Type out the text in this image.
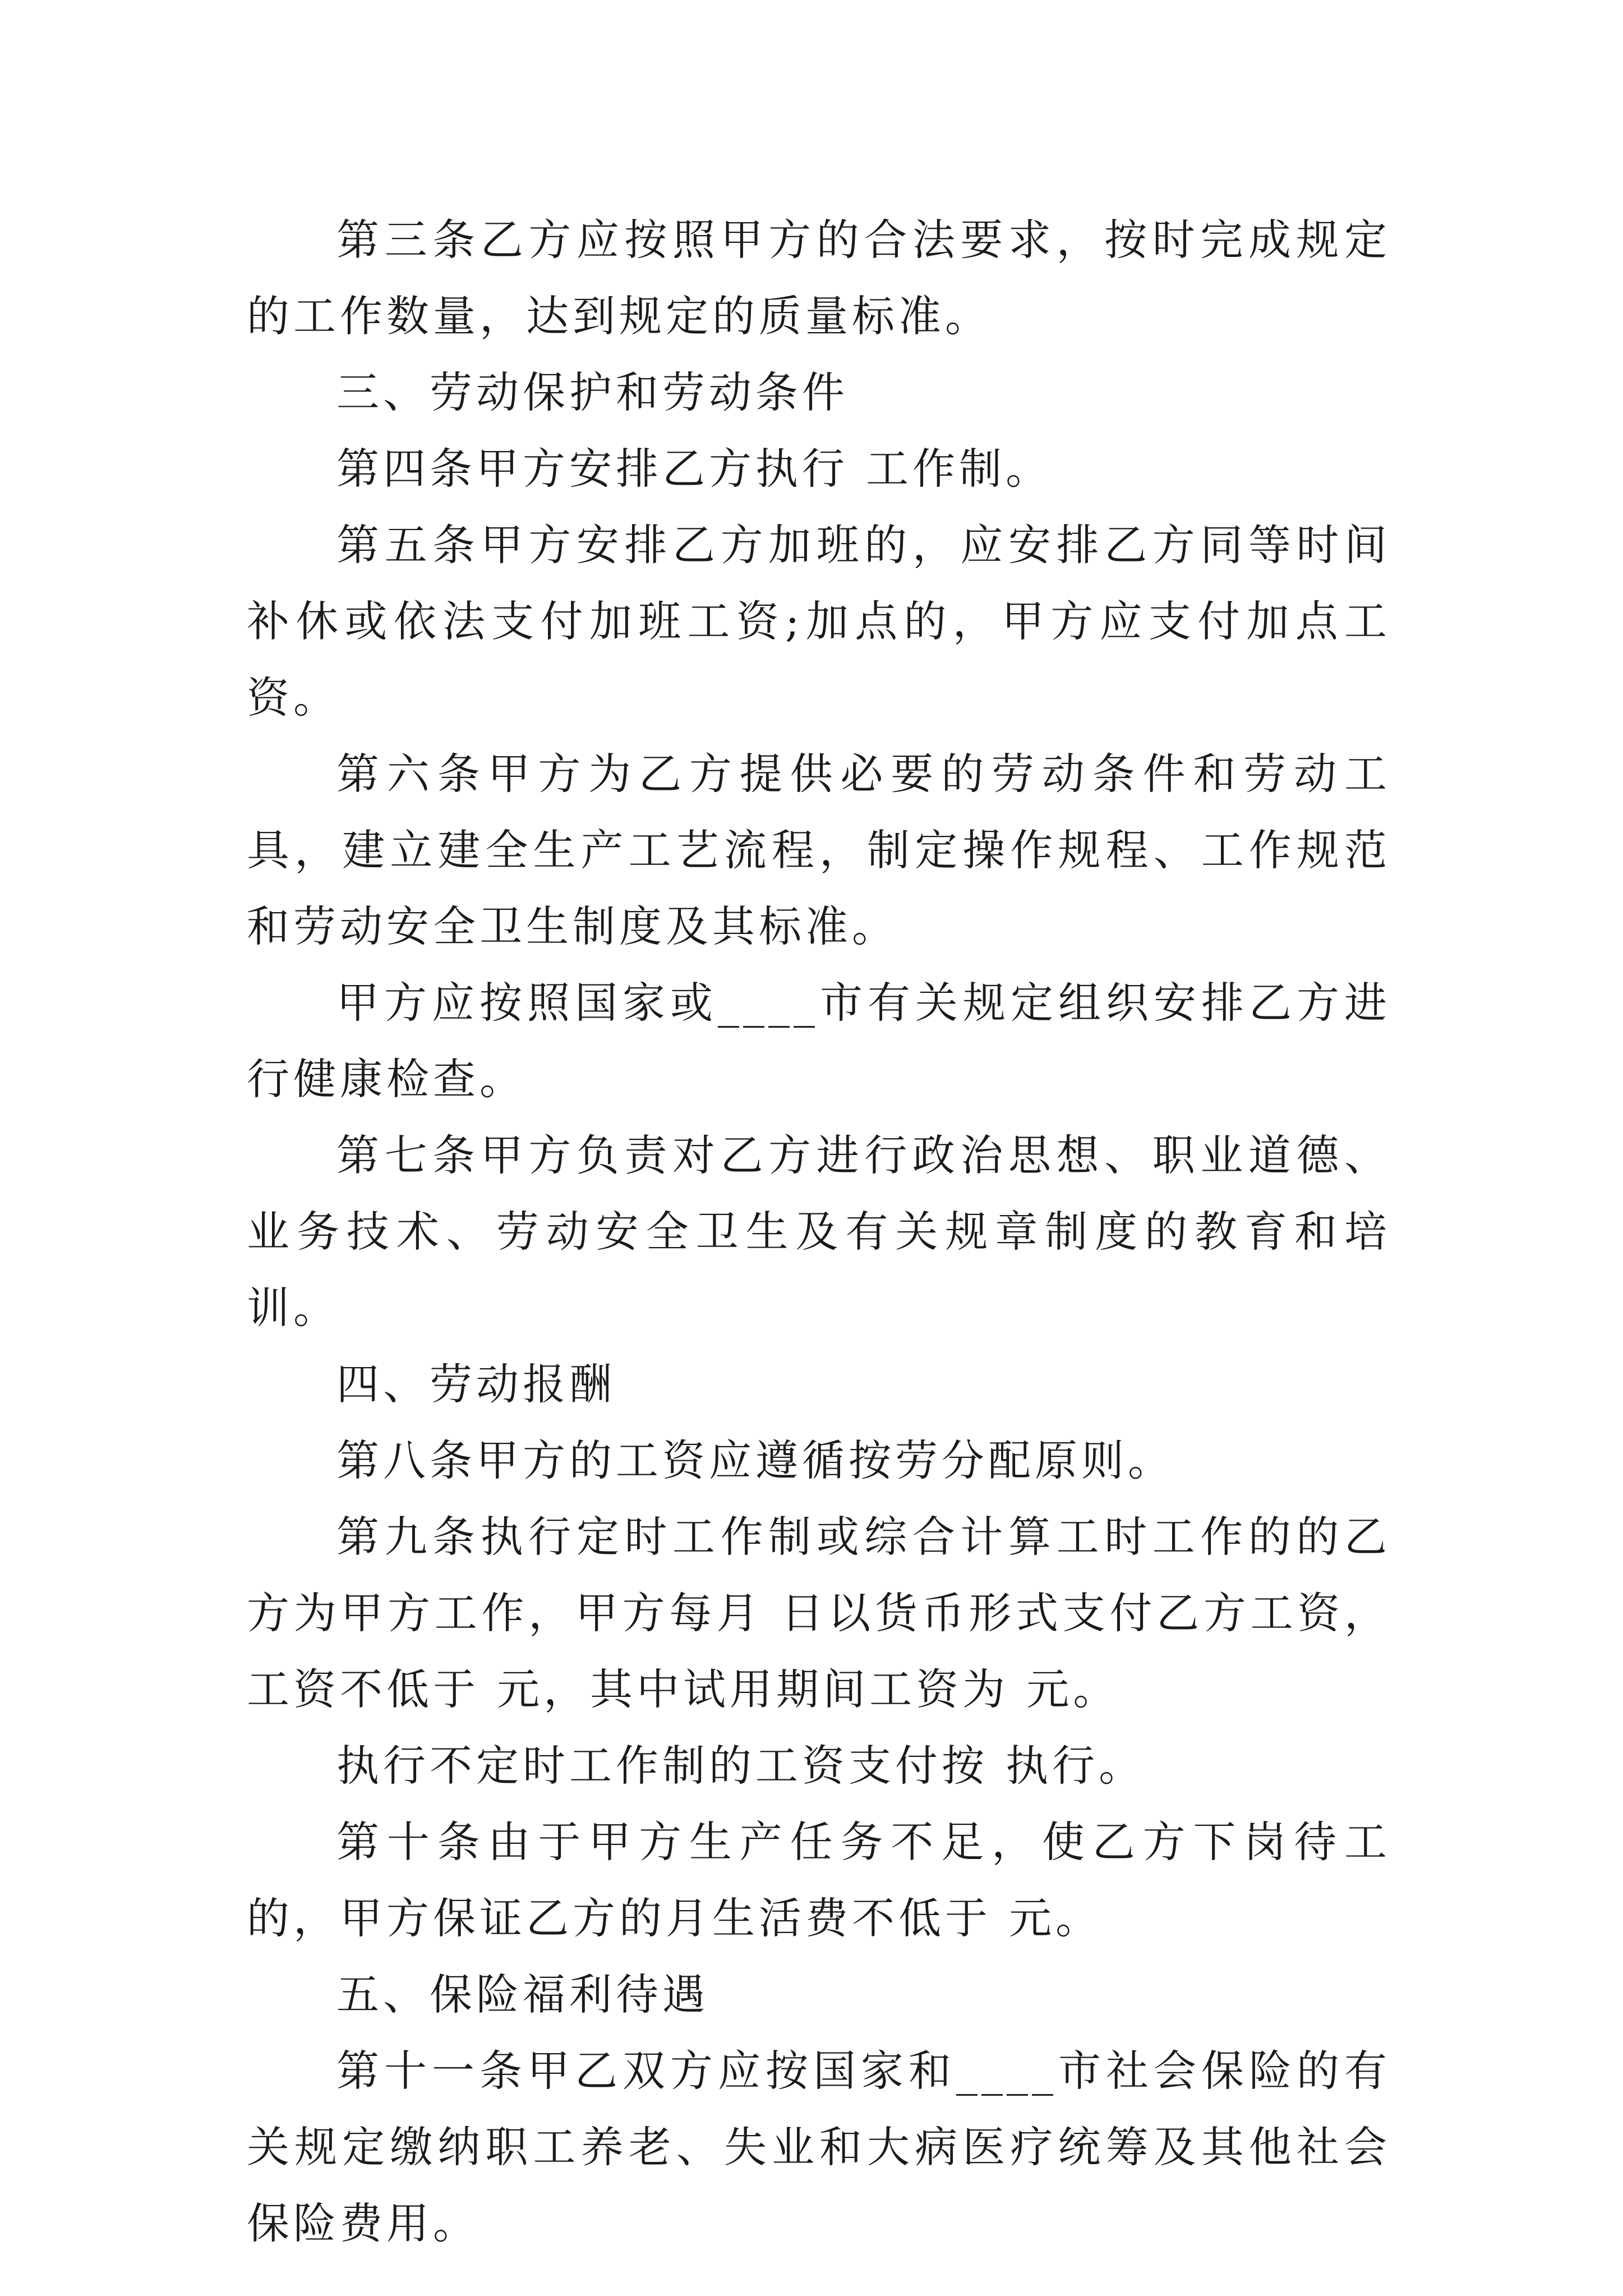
第三条乙方应按照甲方的合法要求，按时完成规定的工作数量，达到规定的质量标准。

三、劳动保护和劳动条件

第四条甲方安排乙方执行 工作制。

第五条甲方安排乙方加班的，应安排乙方同等时间补休或依法支付加班工资;加点的，甲方应支付加点工资。

第六条甲方为乙方提供必要的劳动条件和劳动工具，建立建全生产工艺流程，制定操作规程、工作规范和劳动安全卫生制度及其标准。

甲方应按照国家或____市有关规定组织安排乙方进行健康检查。

第七条甲方负责对乙方进行政治思想、职业道德、业务技术、劳动安全卫生及有关规章制度的教育和培训。

四、劳动报酬

第八条甲方的工资应遵循按劳分配原则。

第九条执行定时工作制或综合计算工时工作的的乙方为甲方工作，甲方每月 日以货币形式支付乙方工资，工资不低于 元，其中试用期间工资为 元。

执行不定时工作制的工资支付按 执行。

第十条由于甲方生产任务不足，使乙方下岗待工的，甲方保证乙方的月生活费不低于 元。

五、保险福利待遇

第十一条甲乙双方应按国家和____市社会保险的有关规定缴纳职工养老、失业和大病医疗统筹及其他社会保险费用。
